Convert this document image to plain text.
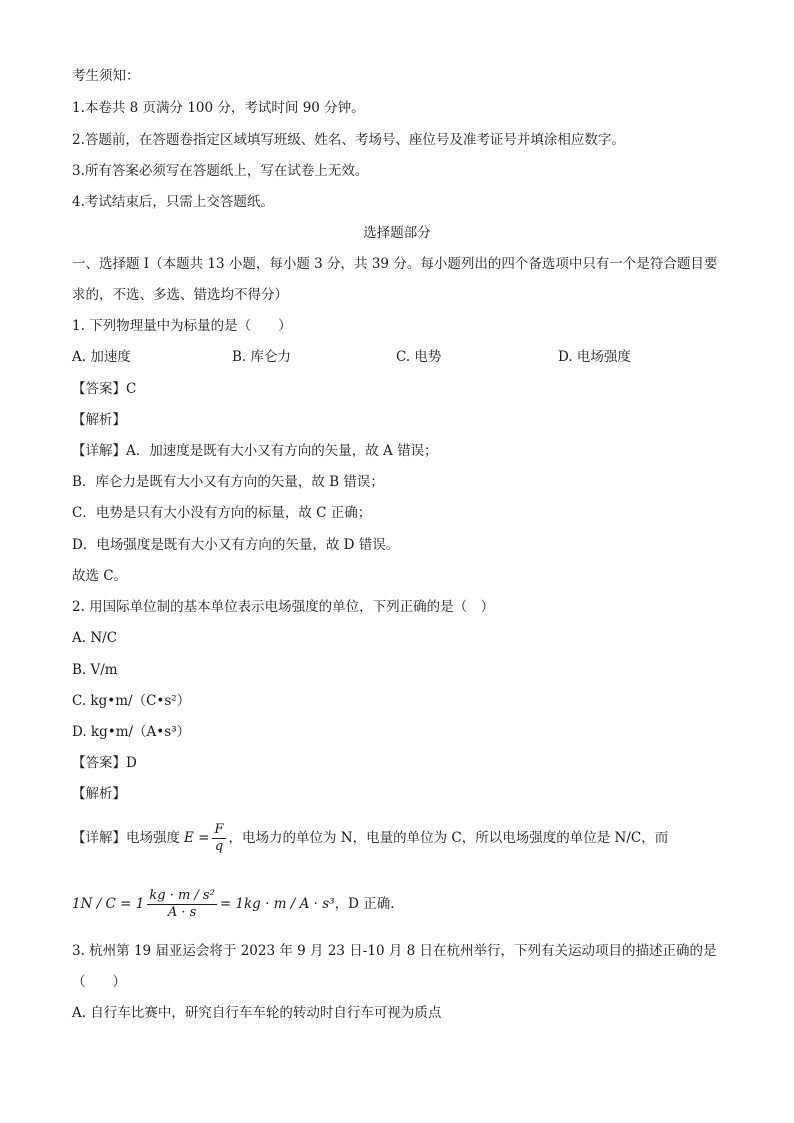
考生须知：
1.本卷共 8 页满分 100 分，考试时间 90 分钟。
2.答题前，在答题卷指定区域填写班级、姓名、考场号、座位号及准考证号并填涂相应数字。
3.所有答案必须写在答题纸上，写在试卷上无效。
4.考试结束后，只需上交答题纸。
选择题部分
一、选择题 Ⅰ（本题共 13 小题，每小题 3 分，共 39 分。每小题列出的四个备选项中只有一个是符合题目要
求的，不选、多选、错选均不得分）
1. 下列物理量中为标量的是（　　）
A. 加速度	B. 库仑力	C. 电势	D. 电场强度
【答案】C
【解析】
【详解】A．加速度是既有大小又有方向的矢量，故 A 错误；
B．库仑力是既有大小又有方向的矢量，故 B 错误；
C．电势是只有大小没有方向的标量，故 C 正确；
D．电场强度是既有大小又有方向的矢量，故 D 错误。
故选 C。
2. 用国际单位制的基本单位表示电场强度的单位，下列正确的是（　）
A. N/C
B. V/m
C. kg•m/（C•s²）
D. kg•m/（A•s³）
【答案】D
【解析】
【详解】电场强度 $E = \frac{F}{q}$ ，电场力的单位为 N，电量的单位为 C，所以电场强度的单位是 N/C，而
$1N / C = 1 \frac{\text{kg · m / s²}}{A \cdot s} = 1kg \cdot m / A \cdot s^3$ ，D 正确.
3. 杭州第 19 届亚运会将于 2023 年 9 月 23 日-10 月 8 日在杭州举行，下列有关运动项目的描述正确的是
（　　）
A. 自行车比赛中，研究自行车车轮的转动时自行车可视为质点
